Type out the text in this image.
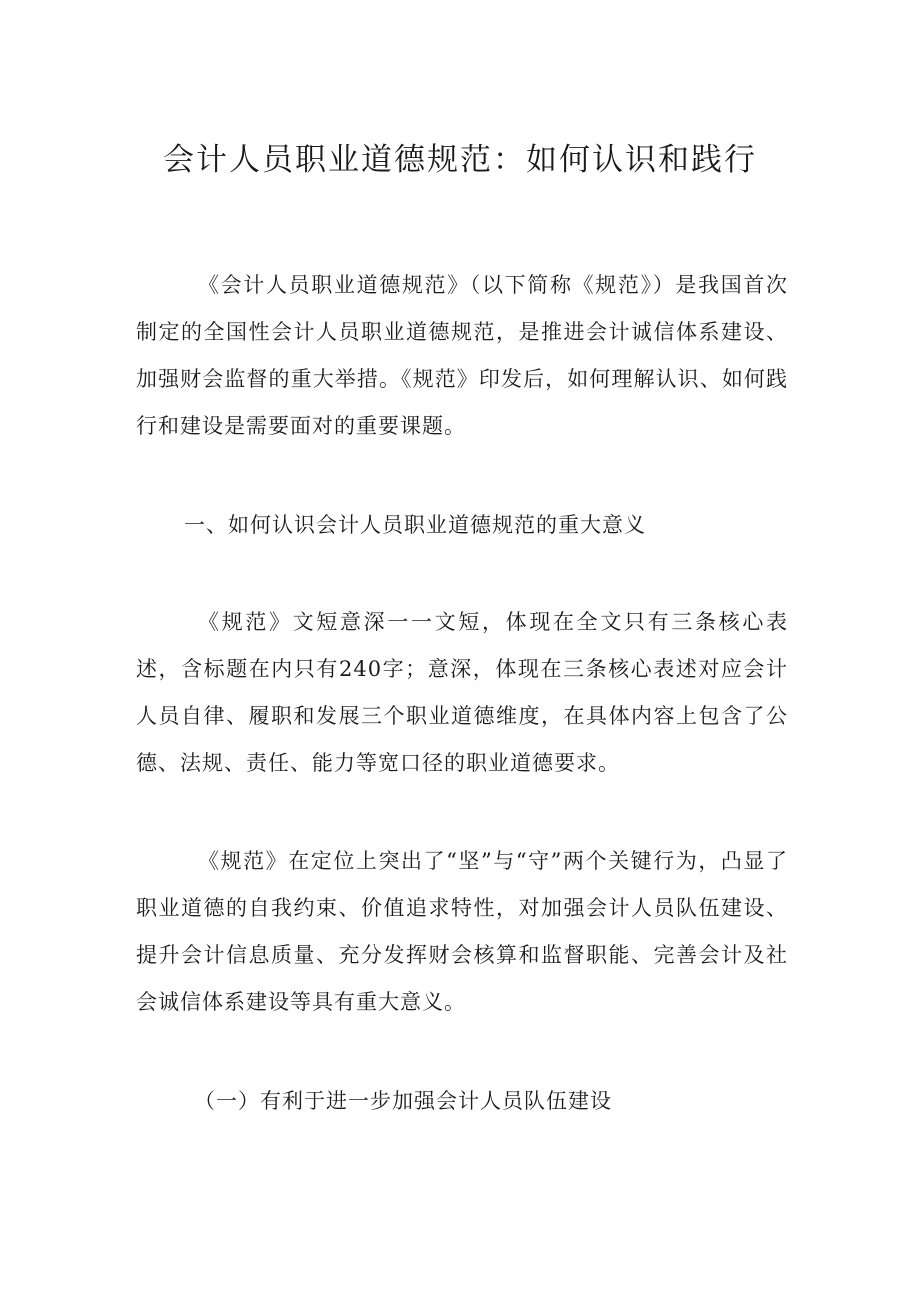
会计人员职业道德规范：如何认识和践行

《会计人员职业道德规范》（以下简称《规范》）是我国首次制定的全国性会计人员职业道德规范，是推进会计诚信体系建设、加强财会监督的重大举措。《规范》印发后，如何理解认识、如何践行和建设是需要面对的重要课题。

一、如何认识会计人员职业道德规范的重大意义

《规范》文短意深一一文短，体现在全文只有三条核心表述，含标题在内只有240字；意深，体现在三条核心表述对应会计人员自律、履职和发展三个职业道德维度，在具体内容上包含了公德、法规、责任、能力等宽口径的职业道德要求。

《规范》在定位上突出了“坚”与“守”两个关键行为，凸显了职业道德的自我约束、价值追求特性，对加强会计人员队伍建设、提升会计信息质量、充分发挥财会核算和监督职能、完善会计及社会诚信体系建设等具有重大意义。

（一）有利于进一步加强会计人员队伍建设
